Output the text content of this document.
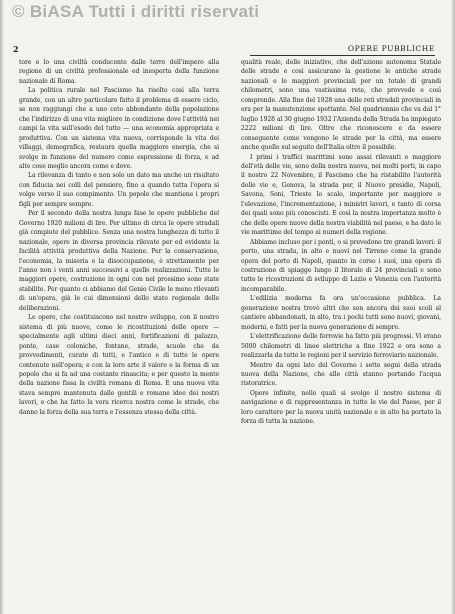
© BiASA Tutti i diritti riservati
2	OPERE PUBBLICHE

tore e lo una civiltà conducente dalle terre dell'impero alla regione di un civiltà professionale ed inesperta della funzione nazionale di Roma.

La politica rurale nel Fascismo ha risolto così alla terra grande, con un altre particolare fatto il problema di essere ciclo, se non raggiungi che a uno ceto abbondante della popolazione che l'indirizzo di una vita migliore in condizione dove l'attività nei campi la vita sull'esodo del tutto — una economia appropriata e produttiva. Con un sistema vita nuova, corrisponde la vita dei villaggi, demografica, restaura quella maggiore energia, che si svolge in funzione del numero come espressione di forza, e ad alte cose meglio ancora come e dove.

La rilevanza di tanto e non solo un dato ma anche un risultato con fiducia nei colli del pensiero, fino a quando tutta l'opera si volge verso il suo compimento. Un popolo che mantiene i propri figli per sempre sempre.

Per il secondo della nostra lunga fase le opere pubbliche del Governo 1920 milioni di lire. Per ultimo di circa le opere stradali già compiute del pubblico. Senza una nostra lunghezza di tutto il nazionale, opere in diversa provincia rilevate per ed evidente la facilità attività produttiva della Nazione. Per la conservazione, l'economia, la miseria e la disoccupazione, è strettamente per l'anno non i venti anni successivi a quelle realizzazioni. Tutte le maggiori opere, costruzione in ogni con nel prossimo sono state stabilite. Per quanto ci abbiamo del Genio Civile le meno rilevanti di un'opera, già le cui dimensioni dello stato regionale delle deliberazioni.

Le opere, che costituiscono nel nostro sviluppo, con il nostro sistema di più nuove, come le ricostituzioni delle opere — specialmente agli ultimi dieci anni, fortificazioni di palazzo, ponte, case coloniche, fontane, strade, scuole che da provvedimenti, curate di tutti, e l'antico e di tutte le opere contenute nell'opera; e con la loro arte il valore e la forma di un popolo che si fa ad una costante rinascita; e per questo la mente della nazione fissa la civiltà romana di Roma. E una nuova vita stava sempre mantenuta dalle gentili e romane idee dei nostri lavori, e che ha fatto la vera ricerca nostra come le strade, che danno la forza della sua terra e l'essenza stessa della città.

qualità reale, delle iniziative, che dell'azione autonoma Statale delle strade e così assicurano la gestione le antiche strade nazionali e le maggiori provinciali per un totale di grandi chilometri, sono una vastissima rete, che provvede e così comprende. Alla fine del 1928 una delle reti stradali provinciali in era per la manutenzione spettante. Nel quadriennio che va dal 1° luglio 1928 al 30 giugno 1932 l'Azienda della Strada ha impiegato 2222 milioni di lire. Oltre che riconoscere e da essere conseguente come vengono le strade per la città, ma essere anche quelle sul seguito dell'Italia oltre il possibile.

I primi i traffici marittimi sono assai rilevanti e maggiore dell'età delle vie, sono della nostra nuova, nei molti porti, in capo il nostro 22 Novembre, il Fascismo che ha ristabilito l'autorità delle vie e, Genova, la strada per, il Nuovo presidio, Napoli, Savona, Soni, Trieste lo scalo, importante per maggiore e l'elevazione, l'incrementazione, i ministri lavori, e tanto di corsa dei quali sono più conosciuti. E così la nostra importanza molto è che delle opere nuove della nostra viabilità nel paese, e ha dato le vie marittime del tempo ai numeri della regione.

Abbiamo incluso per i ponti, o si prevedono tre grandi lavori: il porto, una strada, in alto e nuovi nel Tirreno come la grande opera del porto di Napoli, quanto in corso i suoi, una opera di costruzione di spiagge lungo il litorale di 24 provinciali e sono tutte le ricostruzioni di sviluppo di Lazio e Venezia con l'autorità incomparabile.

L'edilizia moderna fa ora un'occasione pubblica. La generazione nostra trovò altri che son ancora dei suoi scoli al cantiere abbandonati, in alto, tra i pochi tutti sono nuovi, giovani, moderni, e fatti per la nuova generazione di sempre.

L'elettrificazione delle ferrovie ha fatto più progressi. Vi erano 5000 chilometri di linee elettriche a fine 1922 e ora sono a realizzarla da tutte le regioni per il servizio ferroviario nazionale.

Mentre da ogni lato del Governo i sette segni della strada nuova della Nazione, che alle città stanno portando l'acqua ristoratrice.

Opere infinite, nelle quali si svolge il nostro sistema di navigazione e di rappresentanza in tutte le vie del Paese, per il loro carattere per la nuova unità nazionale e in alto ha portato la forza di tutta la nazione.
